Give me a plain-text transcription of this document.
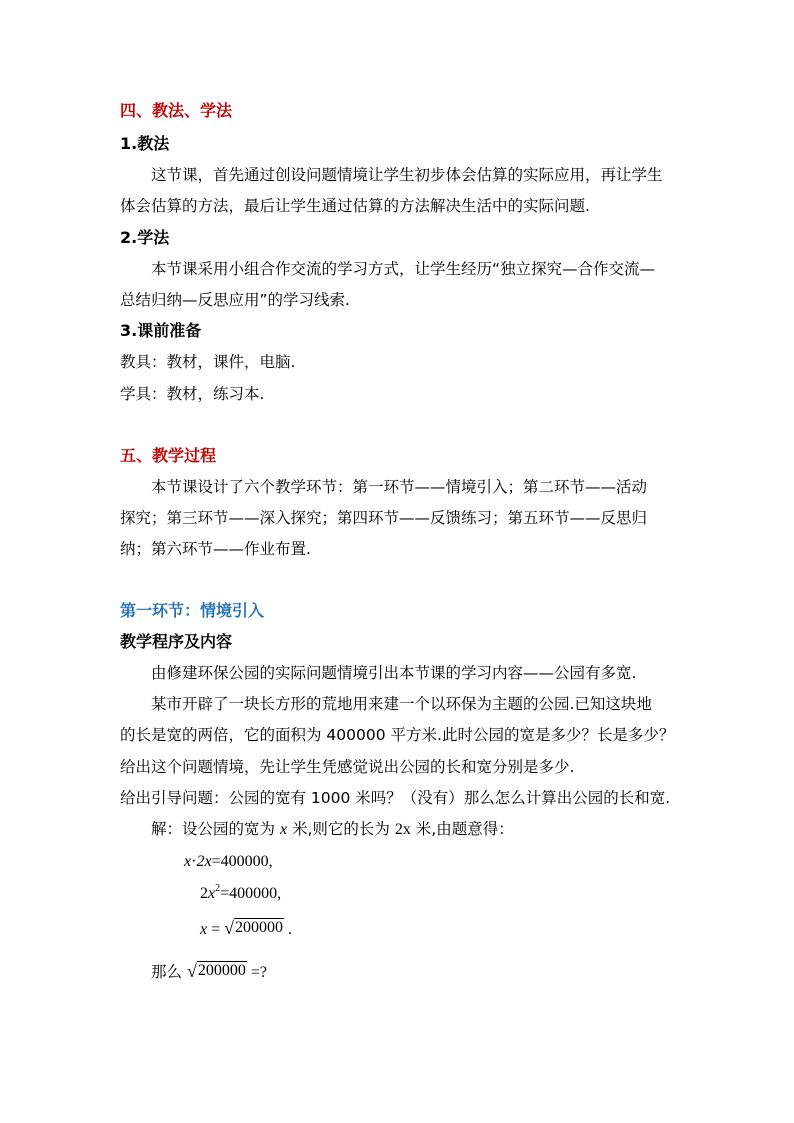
四、教法、学法
1.教法
这节课，首先通过创设问题情境让学生初步体会估算的实际应用，再让学生
体会估算的方法，最后让学生通过估算的方法解决生活中的实际问题.
2.学法
本节课采用小组合作交流的学习方式，让学生经历“独立探究—合作交流—
总结归纳—反思应用”的学习线索.
3.课前准备
教具：教材，课件，电脑.
学具：教材，练习本.
五、教学过程
本节课设计了六个教学环节：第一环节——情境引入；第二环节——活动
探究；第三环节——深入探究；第四环节——反馈练习；第五环节——反思归
纳；第六环节——作业布置.
第一环节：情境引入
教学程序及内容
由修建环保公园的实际问题情境引出本节课的学习内容——公园有多宽.
某市开辟了一块长方形的荒地用来建一个以环保为主题的公园.已知这块地
的长是宽的两倍，它的面积为 400000 平方米.此时公园的宽是多少？长是多少？
给出这个问题情境，先让学生凭感觉说出公园的长和宽分别是多少.
给出引导问题：公园的宽有 1000 米吗？（没有）那么怎么计算出公园的长和宽.
解：设公园的宽为 x 米,则它的长为 2x 米,由题意得：
x·2x=400000,
$2x^2=400000$,
x = √ 200000 .
那么 √ 200000 =?
